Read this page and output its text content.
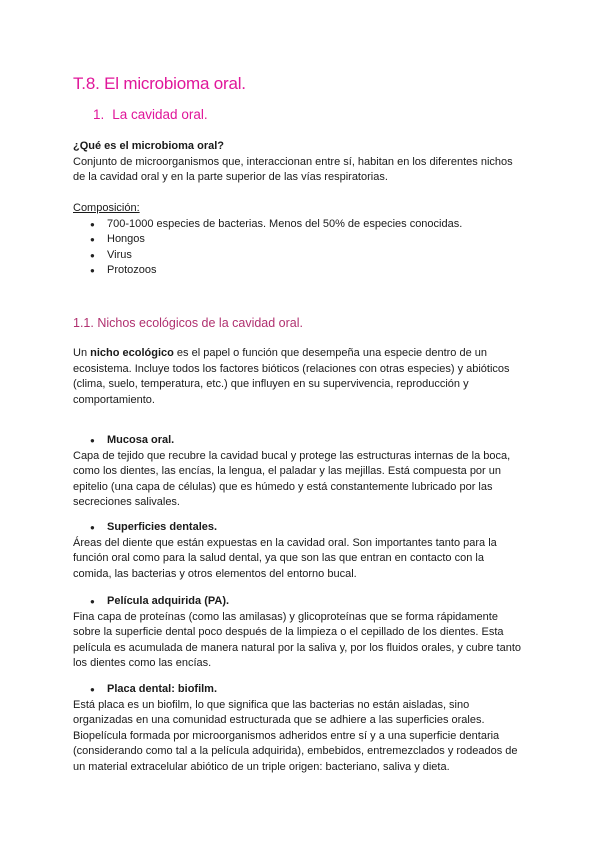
T.8. El microbioma oral.
1. La cavidad oral.
¿Qué es el microbioma oral?
Conjunto de microorganismos que, interaccionan entre sí, habitan en los diferentes nichos
de la cavidad oral y en la parte superior de las vías respiratorias.
Composición:
● 700-1000 especies de bacterias. Menos del 50% de especies conocidas.
● Hongos
● Virus
● Protozoos
1.1. Nichos ecológicos de la cavidad oral.
Un nicho ecológico es el papel o función que desempeña una especie dentro de un
ecosistema. Incluye todos los factores bióticos (relaciones con otras especies) y abióticos
(clima, suelo, temperatura, etc.) que influyen en su supervivencia, reproducción y
comportamiento.
● Mucosa oral.
Capa de tejido que recubre la cavidad bucal y protege las estructuras internas de la boca,
como los dientes, las encías, la lengua, el paladar y las mejillas. Está compuesta por un
epitelio (una capa de células) que es húmedo y está constantemente lubricado por las
secreciones salivales.
● Superficies dentales.
Áreas del diente que están expuestas en la cavidad oral. Son importantes tanto para la
función oral como para la salud dental, ya que son las que entran en contacto con la
comida, las bacterias y otros elementos del entorno bucal.
● Película adquirida (PA).
Fina capa de proteínas (como las amilasas) y glicoproteínas que se forma rápidamente
sobre la superficie dental poco después de la limpieza o el cepillado de los dientes. Esta
película es acumulada de manera natural por la saliva y, por los fluidos orales, y cubre tanto
los dientes como las encías.
● Placa dental: biofilm.
Está placa es un biofilm, lo que significa que las bacterias no están aisladas, sino
organizadas en una comunidad estructurada que se adhiere a las superficies orales.
Biopelícula formada por microorganismos adheridos entre sí y a una superficie dentaria
(considerando como tal a la película adquirida), embebidos, entremezclados y rodeados de
un material extracelular abiótico de un triple origen: bacteriano, saliva y dieta.
